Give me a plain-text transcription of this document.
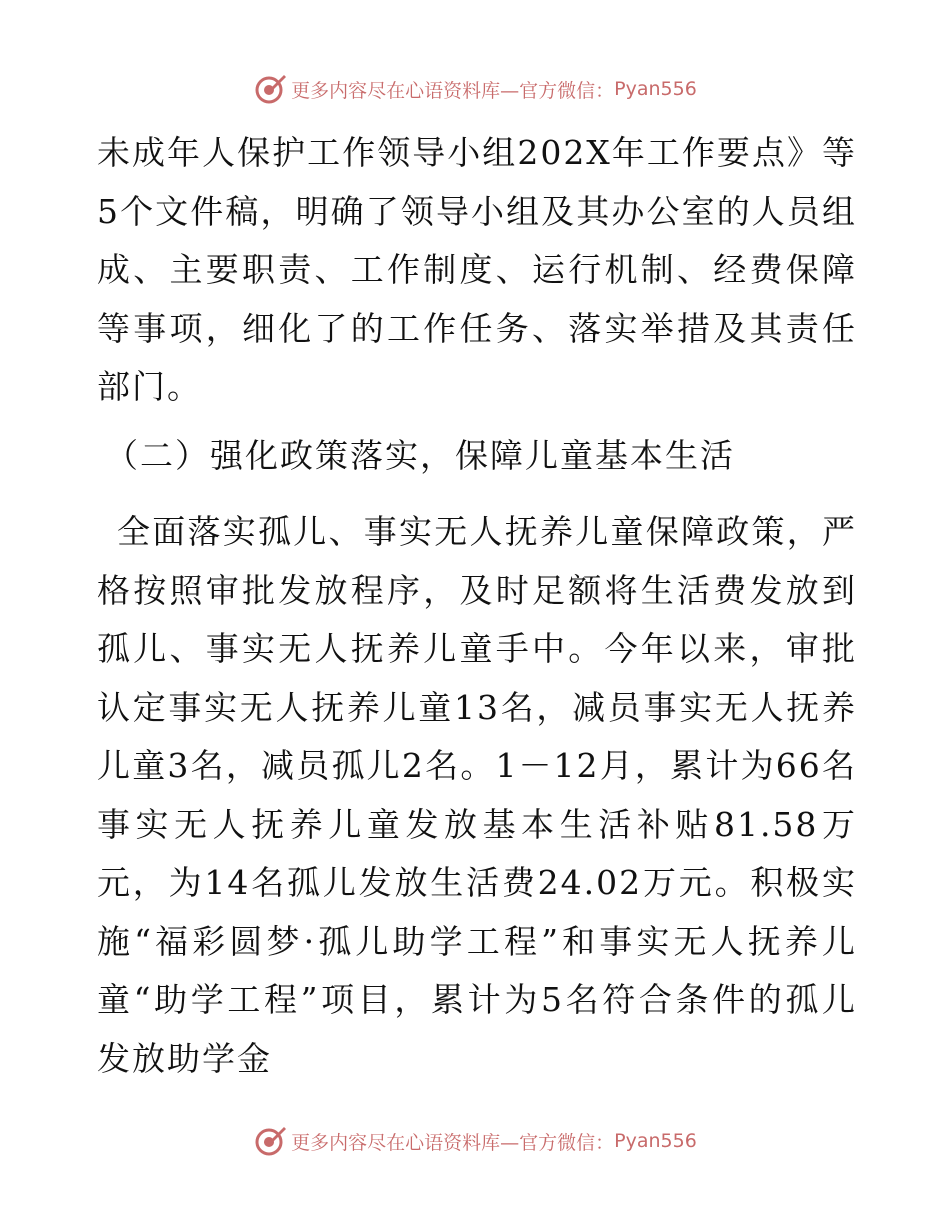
更多内容尽在心语资料库—官方微信： Pyan556

未成年人保护工作领导小组202X年工作要点》等5个文件稿，明确了领导小组及其办公室的人员组成、主要职责、工作制度、运行机制、经费保障等事项，细化了的工作任务、落实举措及其责任部门。

（二）强化政策落实，保障儿童基本生活

全面落实孤儿、事实无人抚养儿童保障政策，严格按照审批发放程序，及时足额将生活费发放到孤儿、事实无人抚养儿童手中。今年以来，审批认定事实无人抚养儿童13名，减员事实无人抚养儿童3名，减员孤儿2名。1－12月，累计为66名事实无人抚养儿童发放基本生活补贴81.58万元，为14名孤儿发放生活费24.02万元。积极实施“福彩圆梦·孤儿助学工程”和事实无人抚养儿童“助学工程”项目，累计为5名符合条件的孤儿发放助学金

更多内容尽在心语资料库—官方微信： Pyan556
